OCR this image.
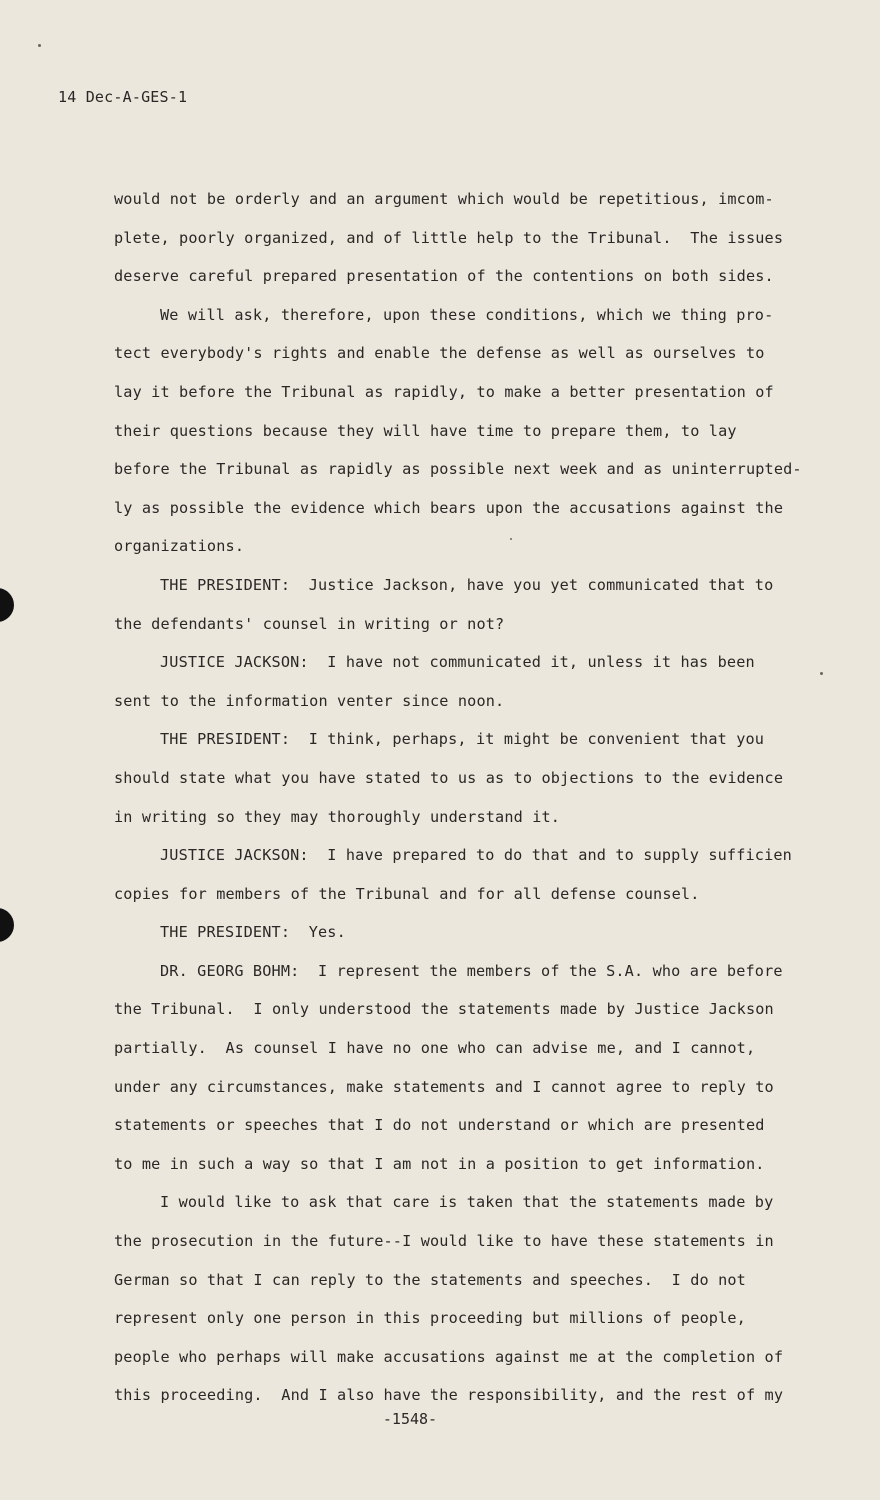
14 Dec-A-GES-1
would not be orderly and an argument which would be repetitious, imcom-
plete, poorly organized, and of little help to the Tribunal.  The issues
deserve careful prepared presentation of the contentions on both sides.
We will ask, therefore, upon these conditions, which we thing pro-
tect everybody's rights and enable the defense as well as ourselves to
lay it before the Tribunal as rapidly, to make a better presentation of
their questions because they will have time to prepare them, to lay
before the Tribunal as rapidly as possible next week and as uninterrupted-
ly as possible the evidence which bears upon the accusations against the
organizations.
THE PRESIDENT:  Justice Jackson, have you yet communicated that to
the defendants' counsel in writing or not?
JUSTICE JACKSON:  I have not communicated it, unless it has been
sent to the information venter since noon.
THE PRESIDENT:  I think, perhaps, it might be convenient that you
should state what you have stated to us as to objections to the evidence
in writing so they may thoroughly understand it.
JUSTICE JACKSON:  I have prepared to do that and to supply sufficien
copies for members of the Tribunal and for all defense counsel.
THE PRESIDENT:  Yes.
DR. GEORG BOHM:  I represent the members of the S.A. who are before
the Tribunal.  I only understood the statements made by Justice Jackson
partially.  As counsel I have no one who can advise me, and I cannot,
under any circumstances, make statements and I cannot agree to reply to
statements or speeches that I do not understand or which are presented
to me in such a way so that I am not in a position to get information.
I would like to ask that care is taken that the statements made by
the prosecution in the future--I would like to have these statements in
German so that I can reply to the statements and speeches.  I do not
represent only one person in this proceeding but millions of people,
people who perhaps will make accusations against me at the completion of
this proceeding.  And I also have the responsibility, and the rest of my
-1548-
